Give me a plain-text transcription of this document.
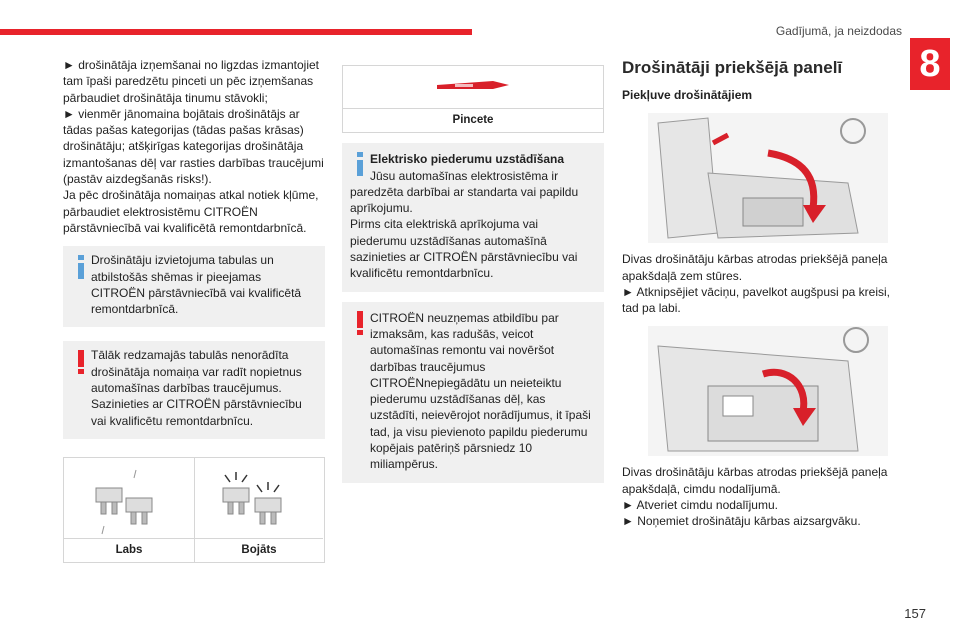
Gadījumā, ja neizdodas
8

► drošinātāja izņemšanai no ligzdas izmantojiet tam īpaši paredzētu pinceti un pēc izņemšanas pārbaudiet drošinātāja tinumu stāvokli;

► vienmēr jānomaina bojātais drošinātājs ar tādas pašas kategorijas (tādas pašas krāsas) drošinātāju; atšķirīgas kategorijas drošinātāja izmantošanas dēļ var rasties darbības traucējumi (pastāv aizdegšanās risks!).

Ja pēc drošinātāja nomaiņas atkal notiek kļūme, pārbaudiet elektrosistēmu CITROËN pārstāvniecībā vai kvalificētā remontdarbnīcā.

Drošinātāju izvietojuma tabulas un atbilstošās shēmas ir pieejamas CITROËN pārstāvniecībā vai kvalificētā remontdarbnīcā.

Tālāk redzamajās tabulās nenorādīta drošinātāja nomaiņa var radīt nopietnus automašīnas darbības traucējumus. Sazinieties ar CITROËN pārstāvniecību vai kvalificētu remontdarbnīcu.

Labs	Bojāts
Pincete

Elektrisko piederumu uzstādīšana
Jūsu automašīnas elektrosistēma ir paredzēta darbībai ar standarta vai papildu aprīkojumu.

Pirms cita elektriskā aprīkojuma vai piederumu uzstādīšanas automašīnā sazinieties ar CITROËN pārstāvniecību vai kvalificētu remontdarbnīcu.

CITROËN neuzņemas atbildību par izmaksām, kas radušās, veicot automašīnas remontu vai novēršot darbības traucējumus CITROËNnepiegādātu un neieteiktu piederumu uzstādīšanas dēļ, kas uzstādīti, neievērojot norādījumus, it īpaši tad, ja visu pievienoto papildu piederumu kopējais patēriņš pārsniedz 10 miliampērus.

Drošinātāji priekšējā panelī
Piekļuve drošinātājiem

Divas drošinātāju kārbas atrodas priekšējā paneļa apakšdaļā zem stūres.

► Atknipsējiet vāciņu, pavelkot augšpusi pa kreisi, tad pa labi.

Divas drošinātāju kārbas atrodas priekšējā paneļa apakšdaļā, cimdu nodalījumā.

► Atveriet cimdu nodalījumu.

► Noņemiet drošinātāju kārbas aizsargvāku.

157
